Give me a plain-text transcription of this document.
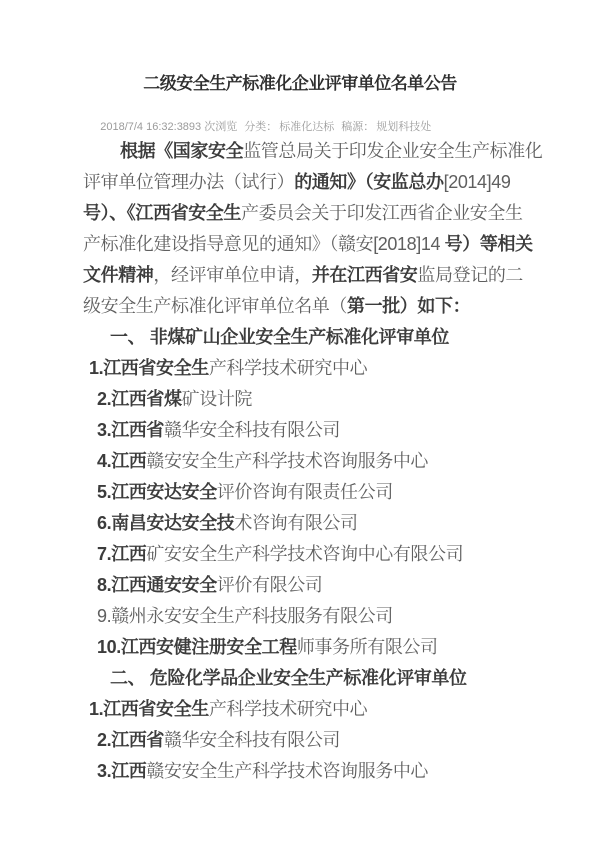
二级安全生产标准化企业评审单位名单公告

2018/7/4 16:32:3893 次浏览 分类： 标准化达标 稿源： 规划科技处

根据《国家安全监管总局关于印发企业安全生产标准化
评审单位管理办法（试行）的通知》（安监总办[2014]49
号）、《江西省安全生产委员会关于印发江西省企业安全生
产标准化建设指导意见的通知》（赣安[2018]14 号）等相关
文件精神，经评审单位申请，并在江西省安监局登记的二
级安全生产标准化评审单位名单（第一批）如下：
一、 非煤矿山企业安全生产标准化评审单位
1.江西省安全生产科学技术研究中心
2.江西省煤矿设计院
3.江西省赣华安全科技有限公司
4.江西赣安安全生产科学技术咨询服务中心
5.江西安达安全评价咨询有限责任公司
6.南昌安达安全技术咨询有限公司
7.江西矿安安全生产科学技术咨询中心有限公司
8.江西通安安全评价有限公司
9.赣州永安安全生产科技服务有限公司
10.江西安健注册安全工程师事务所有限公司
二、 危险化学品企业安全生产标准化评审单位
1.江西省安全生产科学技术研究中心
2.江西省赣华安全科技有限公司
3.江西赣安安全生产科学技术咨询服务中心
